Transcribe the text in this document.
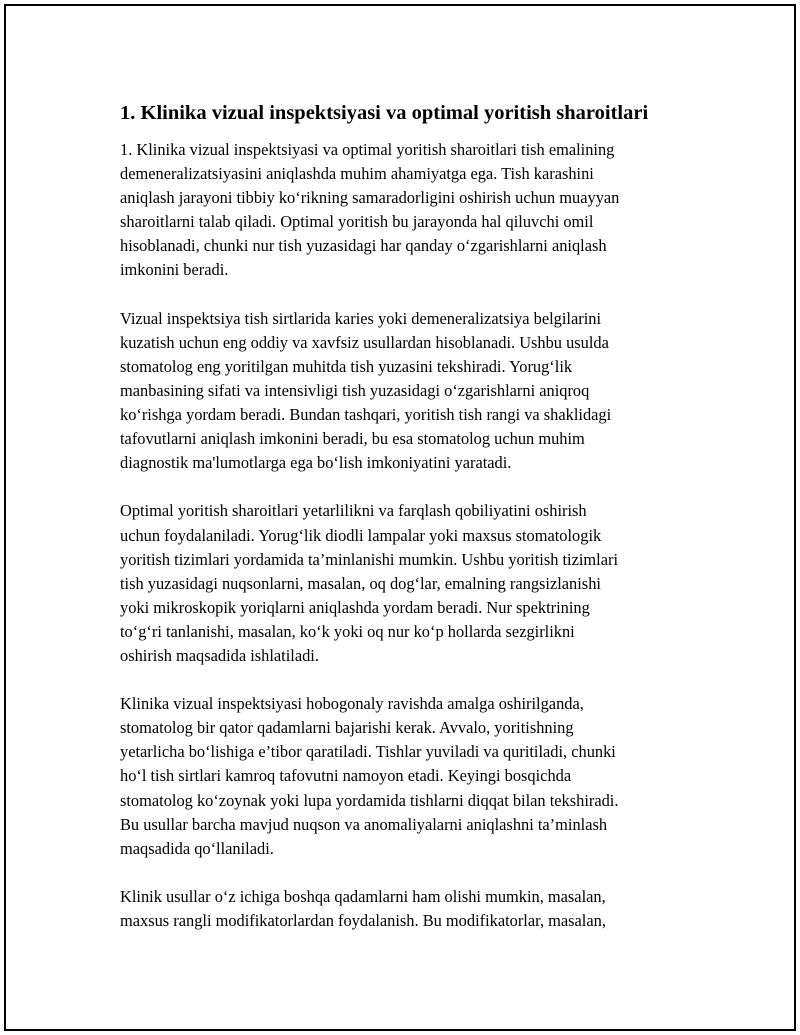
1. Klinika vizual inspektsiyasi va optimal yoritish sharoitlari

1. Klinika vizual inspektsiyasi va optimal yoritish sharoitlari tish emalining
demeneralizatsiyasini aniqlashda muhim ahamiyatga ega. Tish karashini
aniqlash jarayoni tibbiy ko‘rikning samaradorligini oshirish uchun muayyan
sharoitlarni talab qiladi. Optimal yoritish bu jarayonda hal qiluvchi omil
hisoblanadi, chunki nur tish yuzasidagi har qanday o‘zgarishlarni aniqlash
imkonini beradi.

Vizual inspektsiya tish sirtlarida karies yoki demeneralizatsiya belgilarini
kuzatish uchun eng oddiy va xavfsiz usullardan hisoblanadi. Ushbu usulda
stomatolog eng yoritilgan muhitda tish yuzasini tekshiradi. Yorug‘lik
manbasining sifati va intensivligi tish yuzasidagi o‘zgarishlarni aniqroq
ko‘rishga yordam beradi. Bundan tashqari, yoritish tish rangi va shaklidagi
tafovutlarni aniqlash imkonini beradi, bu esa stomatolog uchun muhim
diagnostik ma'lumotlarga ega bo‘lish imkoniyatini yaratadi.

Optimal yoritish sharoitlari yetarlilikni va farqlash qobiliyatini oshirish
uchun foydalaniladi. Yorug‘lik diodli lampalar yoki maxsus stomatologik
yoritish tizimlari yordamida ta’minlanishi mumkin. Ushbu yoritish tizimlari
tish yuzasidagi nuqsonlarni, masalan, oq dog‘lar, emalning rangsizlanishi
yoki mikroskopik yoriqlarni aniqlashda yordam beradi. Nur spektrining
to‘g‘ri tanlanishi, masalan, ko‘k yoki oq nur ko‘p hollarda sezgirlikni
oshirish maqsadida ishlatiladi.

Klinika vizual inspektsiyasi hobogonaly ravishda amalga oshirilganda,
stomatolog bir qator qadamlarni bajarishi kerak. Avvalo, yoritishning
yetarlicha bo‘lishiga e’tibor qaratiladi. Tishlar yuviladi va quritiladi, chunki
ho‘l tish sirtlari kamroq tafovutni namoyon etadi. Keyingi bosqichda
stomatolog ko‘zoynak yoki lupa yordamida tishlarni diqqat bilan tekshiradi.
Bu usullar barcha mavjud nuqson va anomaliyalarni aniqlashni ta’minlash
maqsadida qo‘llaniladi.

Klinik usullar o‘z ichiga boshqa qadamlarni ham olishi mumkin, masalan,
maxsus rangli modifikatorlardan foydalanish. Bu modifikatorlar, masalan,
